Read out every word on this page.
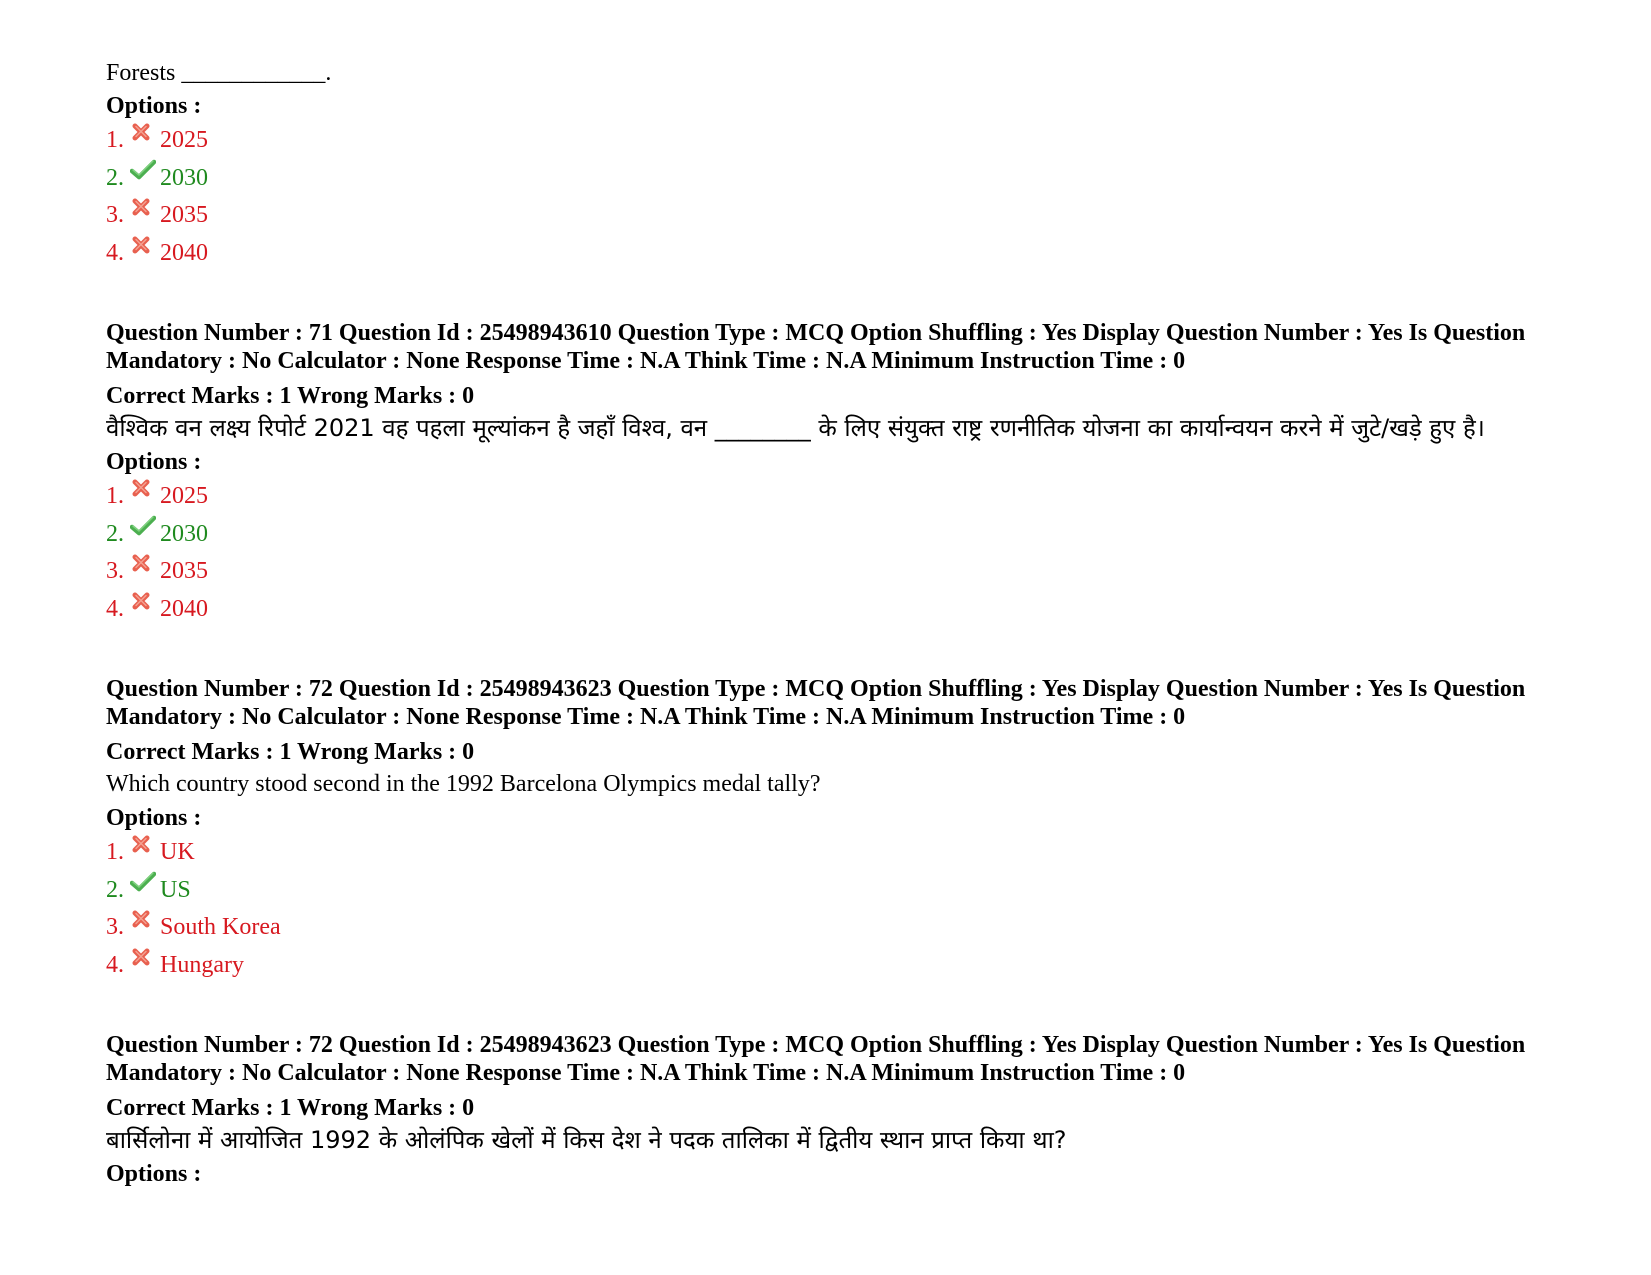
Forests ____________.
Options :
1. 2025
2. 2030
3. 2035
4. 2040
Question Number : 71 Question Id : 25498943610 Question Type : MCQ Option Shuffling : Yes Display Question Number : Yes Is Question Mandatory : No Calculator : None Response Time : N.A Think Time : N.A Minimum Instruction Time : 0
Correct Marks : 1 Wrong Marks : 0
वैश्विक वन लक्ष्य रिपोर्ट 2021 वह पहला मूल्यांकन है जहाँ विश्व, वन ________ के लिए संयुक्त राष्ट्र रणनीतिक योजना का कार्यान्वयन करने में जुटे/खड़े हुए है।
Options :
1. 2025
2. 2030
3. 2035
4. 2040
Question Number : 72 Question Id : 25498943623 Question Type : MCQ Option Shuffling : Yes Display Question Number : Yes Is Question Mandatory : No Calculator : None Response Time : N.A Think Time : N.A Minimum Instruction Time : 0
Correct Marks : 1 Wrong Marks : 0
Which country stood second in the 1992 Barcelona Olympics medal tally?
Options :
1. UK
2. US
3. South Korea
4. Hungary
Question Number : 72 Question Id : 25498943623 Question Type : MCQ Option Shuffling : Yes Display Question Number : Yes Is Question Mandatory : No Calculator : None Response Time : N.A Think Time : N.A Minimum Instruction Time : 0
Correct Marks : 1 Wrong Marks : 0
बार्सिलोना में आयोजित 1992 के ओलंपिक खेलों में किस देश ने पदक तालिका में द्वितीय स्थान प्राप्त किया था?
Options :
